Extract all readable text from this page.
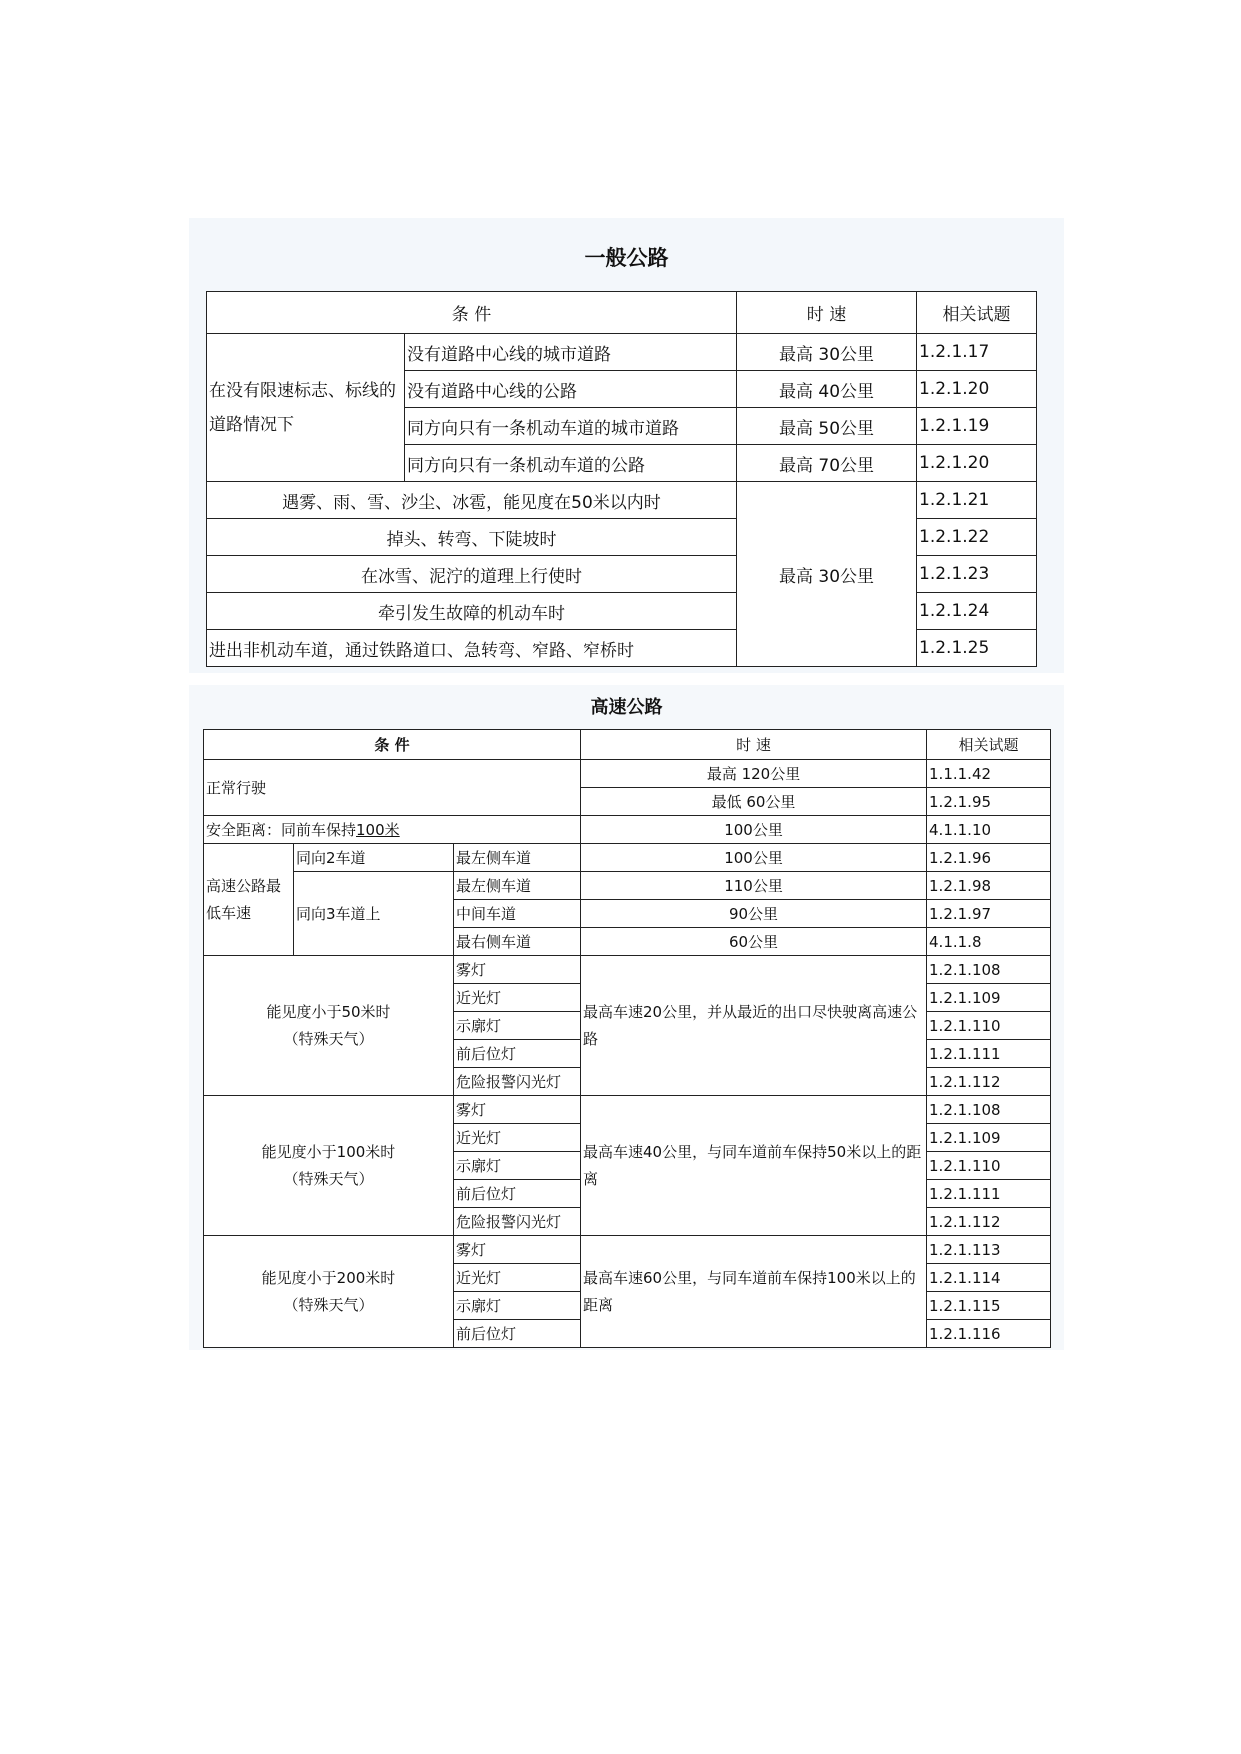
一般公路
条 件		时 速	相关试题
在没有限速标志、标线的道路情况下	没有道路中心线的城市道路	最高 30公里	1.2.1.17
	没有道路中心线的公路	最高 40公里	1.2.1.20
	同方向只有一条机动车道的城市道路	最高 50公里	1.2.1.19
	同方向只有一条机动车道的公路	最高 70公里	1.2.1.20
遇雾、雨、雪、沙尘、冰雹，能见度在50米以内时		最高 30公里	1.2.1.21
掉头、转弯、下陡坡时			1.2.1.22
在冰雪、泥泞的道理上行使时			1.2.1.23
牵引发生故障的机动车时			1.2.1.24
进出非机动车道，通过铁路道口、急转弯、窄路、窄桥时			1.2.1.25
高速公路
条 件			时 速	相关试题
正常行驶			最高 120公里	1.1.1.42
			最低 60公里	1.2.1.95
安全距离：同前车保持100米			100公里	4.1.1.10
高速公路最低车速	同向2车道	最左侧车道	100公里	1.2.1.96
	同向3车道上	最左侧车道	110公里	1.2.1.98
		中间车道	90公里	1.2.1.97
		最右侧车道	60公里	4.1.1.8

能见度小于50米时
（特殊天气）		雾灯	最高车速20公里，并从最近的出口尽快驶离高速公路	1.2.1.108
		近光灯		1.2.1.109
		示廓灯		1.2.1.110
		前后位灯		1.2.1.111
		危险报警闪光灯		1.2.1.112

能见度小于100米时
（特殊天气）		雾灯	最高车速40公里，与同车道前车保持50米以上的距离	1.2.1.108
		近光灯		1.2.1.109
		示廓灯		1.2.1.110
		前后位灯		1.2.1.111
		危险报警闪光灯		1.2.1.112

能见度小于200米时
（特殊天气）		雾灯	最高车速60公里，与同车道前车保持100米以上的距离	1.2.1.113
		近光灯		1.2.1.114
		示廓灯		1.2.1.115
		前后位灯		1.2.1.116
